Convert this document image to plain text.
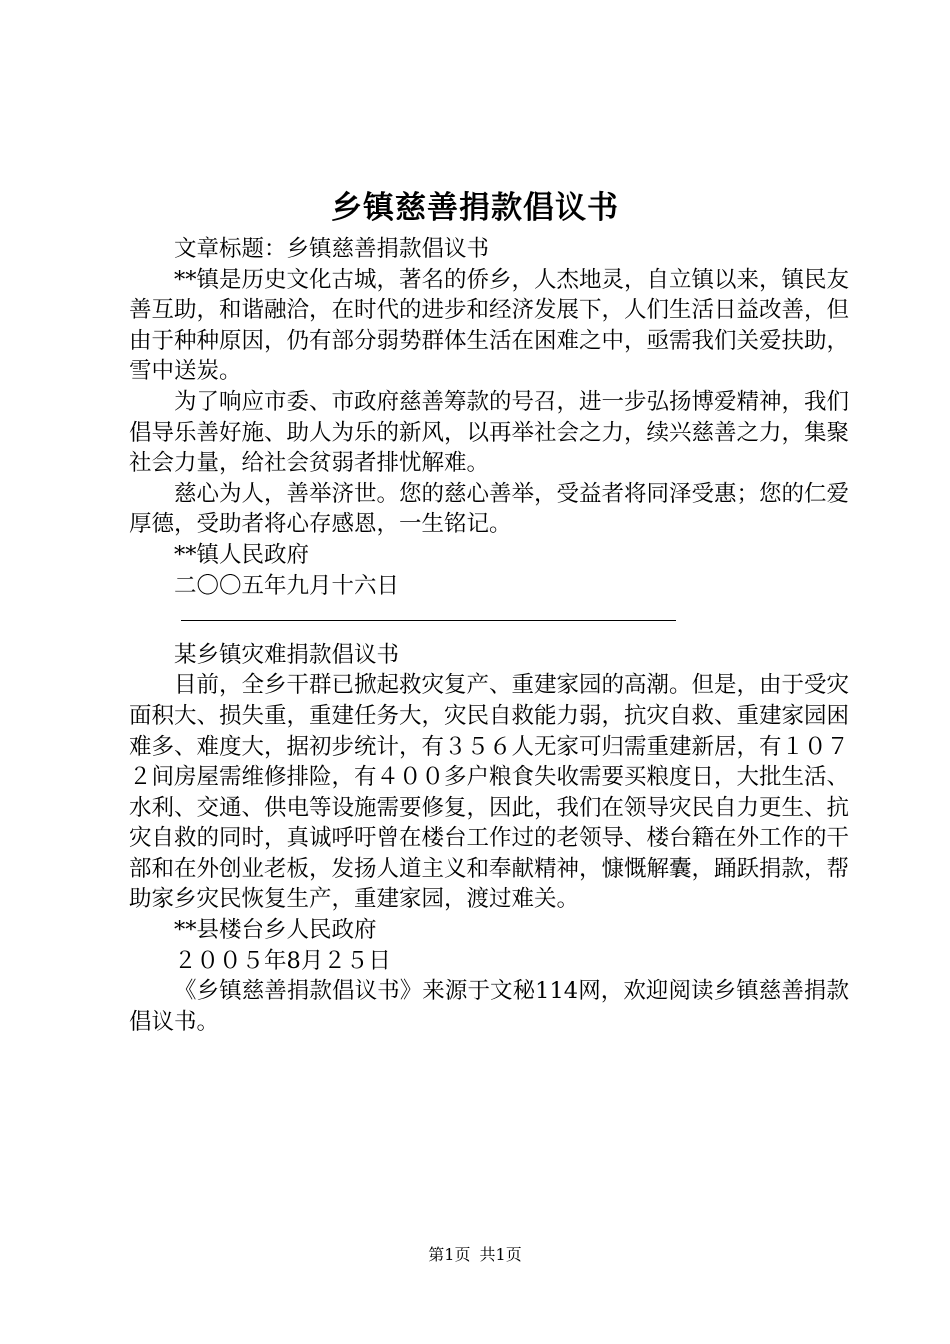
乡镇慈善捐款倡议书

文章标题：乡镇慈善捐款倡议书

**镇是历史文化古城，著名的侨乡，人杰地灵，自立镇以来，镇民友善互助，和谐融洽，在时代的进步和经济发展下，人们生活日益改善，但由于种种原因，仍有部分弱势群体生活在困难之中，亟需我们关爱扶助，雪中送炭。

为了响应市委、市政府慈善筹款的号召，进一步弘扬博爱精神，我们倡导乐善好施、助人为乐的新风，以再举社会之力，续兴慈善之力，集聚社会力量，给社会贫弱者排忧解难。

慈心为人，善举济世。您的慈心善举，受益者将同泽受惠；您的仁爱厚德，受助者将心存感恩，一生铭记。

**镇人民政府

二〇〇五年九月十六日

某乡镇灾难捐款倡议书

目前，全乡干群已掀起救灾复产、重建家园的高潮。但是，由于受灾面积大、损失重，重建任务大，灾民自救能力弱，抗灾自救、重建家园困难多、难度大，据初步统计，有３５６人无家可归需重建新居，有１０７２间房屋需维修排险，有４００多户粮食失收需要买粮度日，大批生活、水利、交通、供电等设施需要修复，因此，我们在领导灾民自力更生、抗灾自救的同时，真诚呼吁曾在楼台工作过的老领导、楼台籍在外工作的干部和在外创业老板，发扬人道主义和奉献精神，慷慨解囊，踊跃捐款，帮助家乡灾民恢复生产，重建家园，渡过难关。

**县楼台乡人民政府

２００５年8月２５日

《乡镇慈善捐款倡议书》来源于文秘114网，欢迎阅读乡镇慈善捐款倡议书。

第1页 共1页
